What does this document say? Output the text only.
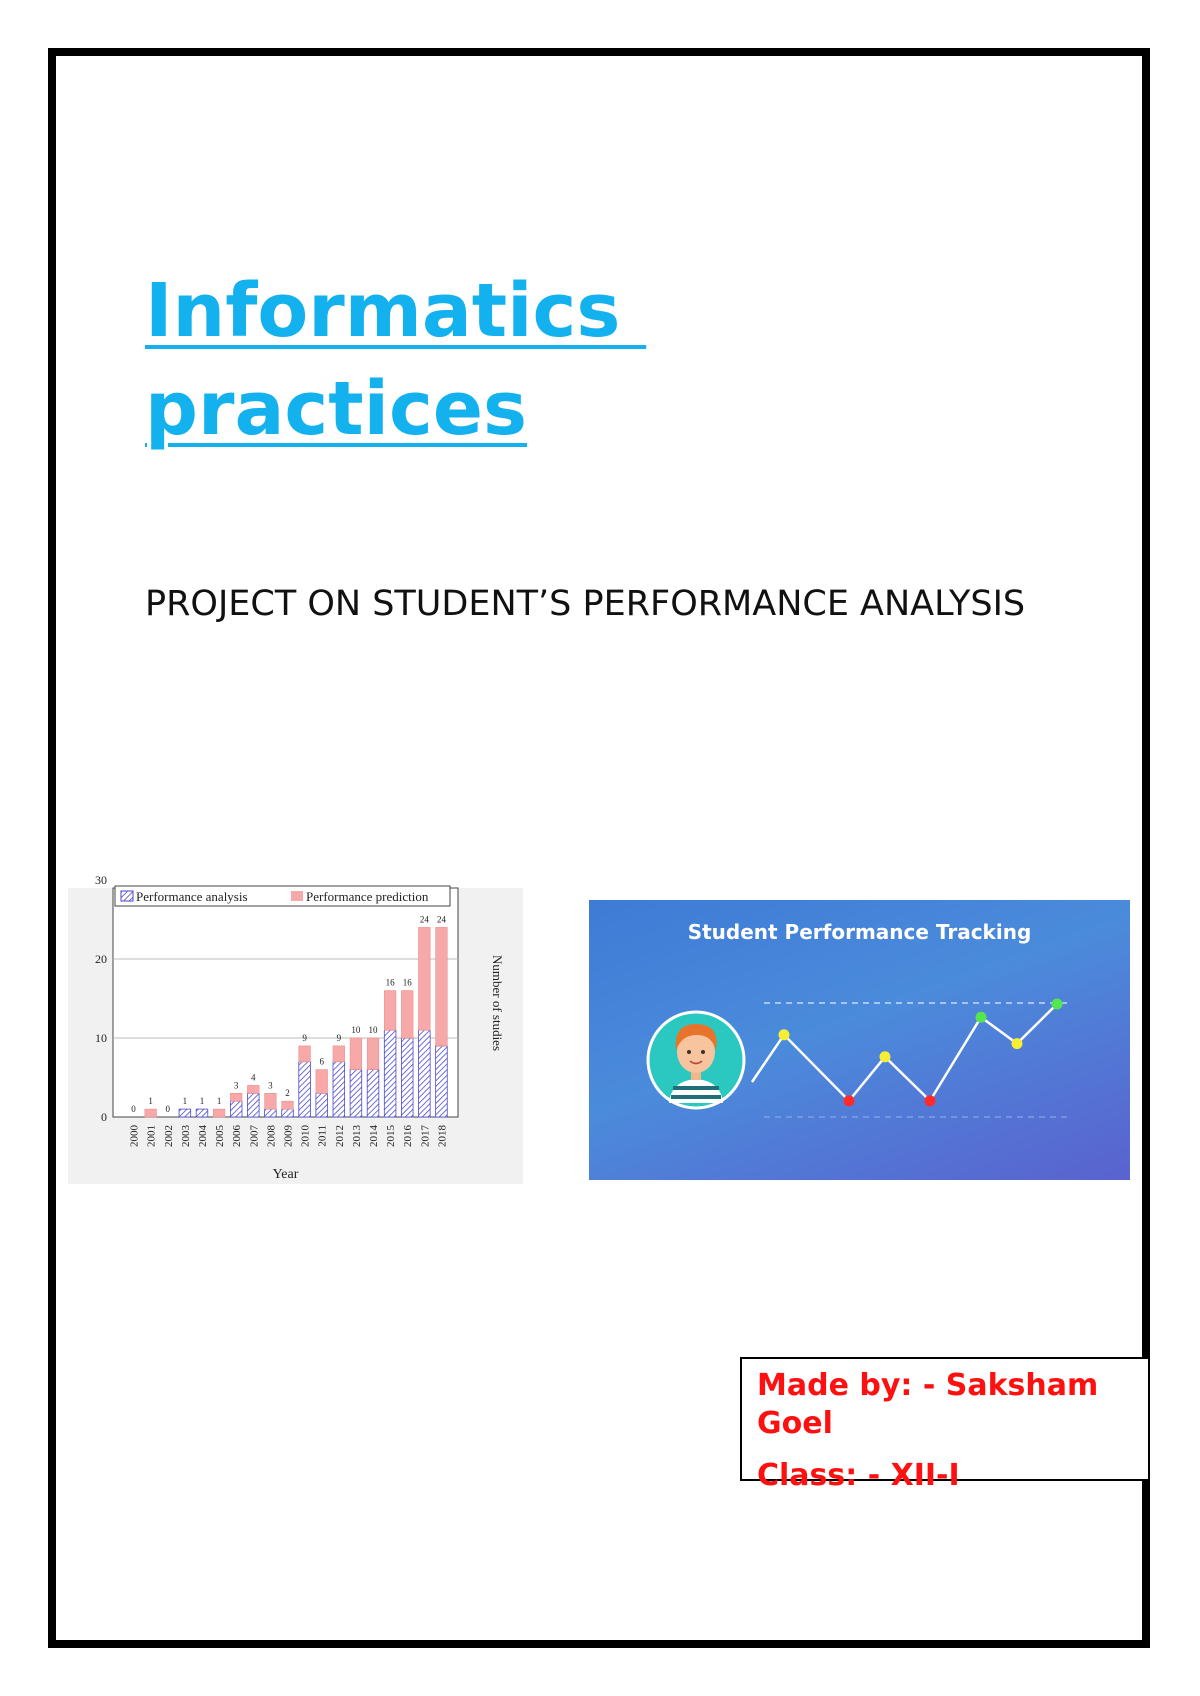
Informatics
practices

PROJECT ON STUDENT’S PERFORMANCE ANALYSIS

0
10
20
30
0
2000
1
2001
0
2002
1
2003
1
2004
1
2005
3
2006
4
2007
3
2008
2
2009
9
2010
6
2011
9
2012
10
2013
10
2014
16
2015
16
2016
24
2017
24
2018
Year
Number of studies
Performance analysis	Performance prediction
Student Performance Tracking

Made by: - Saksham Goel

Class: - XII-I
